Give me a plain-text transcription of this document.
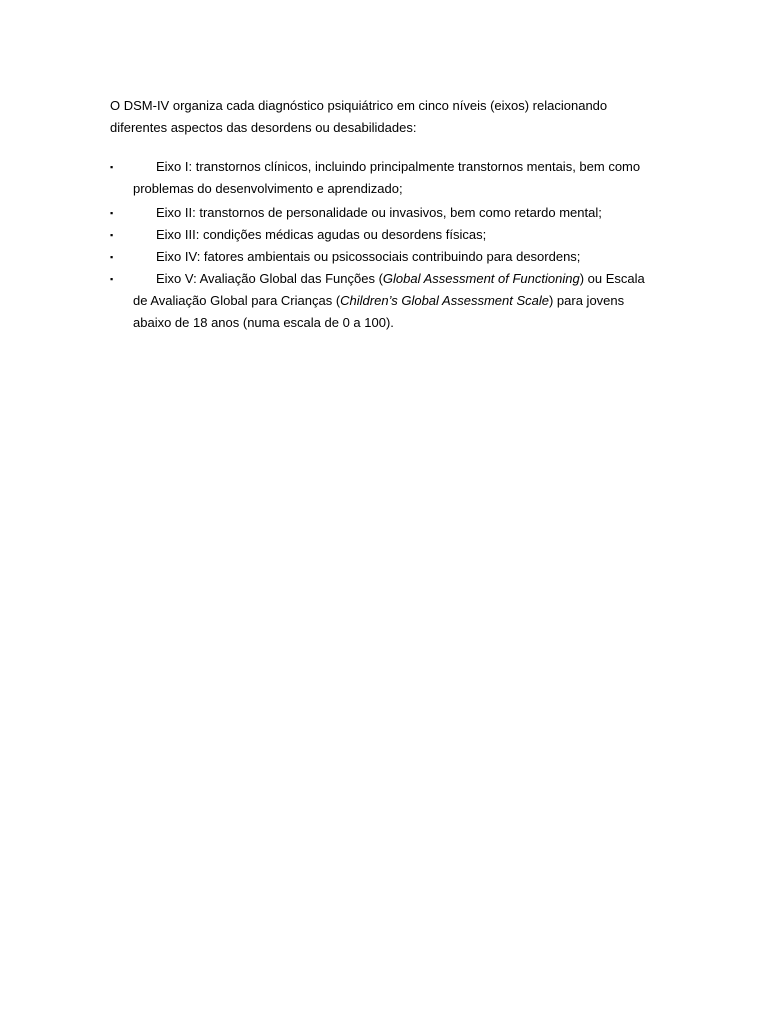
O DSM-IV organiza cada diagnóstico psiquiátrico em cinco níveis (eixos) relacionando diferentes aspectos das desordens ou desabilidades:

▪	Eixo I: transtornos clínicos, incluindo principalmente transtornos mentais, bem como problemas do desenvolvimento e aprendizado;
▪	Eixo II: transtornos de personalidade ou invasivos, bem como retardo mental;
▪	Eixo III: condições médicas agudas ou desordens físicas;
▪	Eixo IV: fatores ambientais ou psicossociais contribuindo para desordens;
▪	Eixo V: Avaliação Global das Funções (Global Assessment of Functioning) ou Escala de Avaliação Global para Crianças (Children’s Global Assessment Scale) para jovens abaixo de 18 anos (numa escala de 0 a 100).
